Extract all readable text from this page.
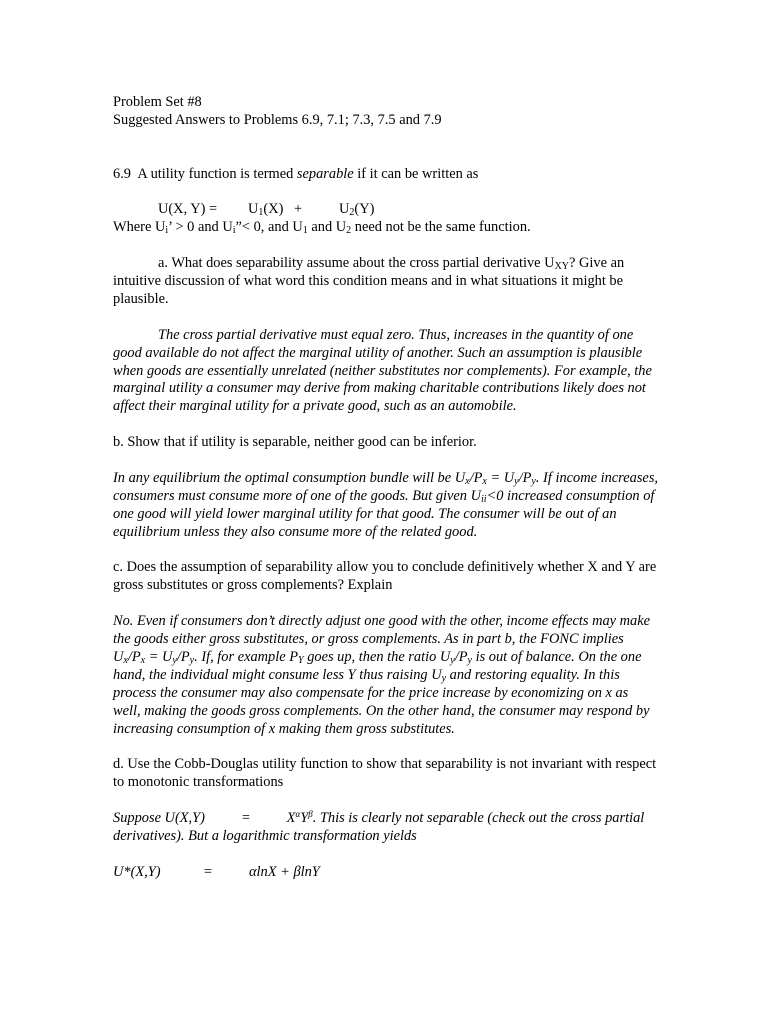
Problem Set #8

Suggested Answers to Problems 6.9, 7.1; 7.3, 7.5 and 7.9

6.9 A utility function is termed separable if it can be written as

U(X, $Y) = U_1(X)$ +	$U_2(Y)$

Where $U_i$’ > 0 and $U_i”< 0$, and $U_1$ and $U_2$ need not be the same function.

a. What does separability assume about the cross partial derivative $U_{XY}$? Give an intuitive discussion of what word this condition means and in what situations it might be plausible.

The cross partial derivative must equal zero. Thus, increases in the quantity of one good available do not affect the marginal utility of another. Such an assumption is plausible when goods are essentially unrelated (neither substitutes nor complements). For example, the marginal utility a consumer may derive from making charitable contributions likely does not affect their marginal utility for a private good, such as an automobile.

b. Show that if utility is separable, neither good can be inferior.

In any equilibrium the optimal consumption bundle will be $U_x/P_x = U_y/P_y$. If income increases, consumers must consume more of one of the goods. But given $U_{ii}<0$ increased consumption of one good will yield lower marginal utility for that good. The consumer will be out of an equilibrium unless they also consume more of the related good.

c. Does the assumption of separability allow you to conclude definitively whether X and Y are gross substitutes or gross complements? Explain

No. Even if consumers don’t directly adjust one good with the other, income effects may make the goods either gross substitutes, or gross complements. As in part b, the FONC implies $U_x/P_x = U_y/P_y$. If, for example $P_Y$ goes up, then the ratio $U_y/P_y$ is out of balance. On the one hand, the individual might consume less Y thus raising $U_y$ and restoring equality. In this process the consumer may also compensate for the price increase by economizing on x as well, making the goods gross complements. On the other hand, the consumer may respond by increasing consumption of x making them gross substitutes.

d. Use the Cobb-Douglas utility function to show that separability is not invariant with respect to monotonic transformations

Suppose U(X,Y)	=	$X^\alpha Y^\beta$. This is clearly not separable (check out the cross partial derivatives). But a logarithmic transformation yields

U*(X,Y)	=	αlnX + βlnY
